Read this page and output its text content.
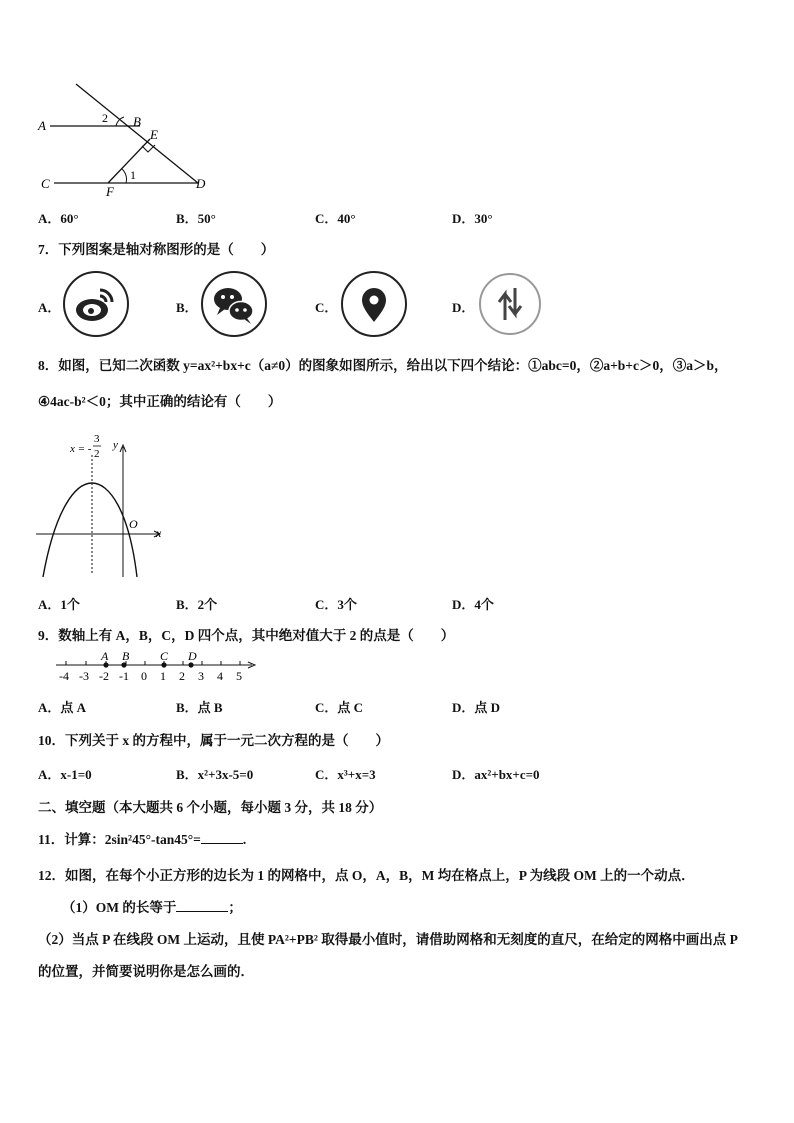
A	2 B
E
C
1
F
D
A．60°	B．50°	C．40°	D．30°
7．下列图案是轴对称图形的是（　　）
A．	B．	C．	D．
8．如图，已知二次函数 y=ax²+bx+c（a≠0）的图象如图所示，给出以下四个结论：①abc=0，②a+b+c＞0，③a＞b，
④4ac-b²＜0；其中正确的结论有（　　）
x = -
3
2
y
O
x
A．1个	B．2个	C．3个	D．4个
9．数轴上有 A，B，C，D 四个点，其中绝对值大于 2 的点是（　　）
-4 -3 -2 -1 0 1 2 3 4 5
A B	C D
A．点 A	B．点 B	C．点 C	D．点 D
10．下列关于 x 的方程中，属于一元二次方程的是（　　）
A．x-1=0	B．x²+3x-5=0	C．x³+x=3	D．ax²+bx+c=0
二、填空题（本大题共 6 个小题，每小题 3 分，共 18 分）
11．计算：2sin²45°-tan45°=	.
12．如图，在每个小正方形的边长为 1 的网格中，点 O，A，B，M 均在格点上，P 为线段 OM 上的一个动点．
（1）OM 的长等于	；
（2）当点 P 在线段 OM 上运动，且使 PA²+PB² 取得最小值时，请借助网格和无刻度的直尺，在给定的网格中画出点 P
的位置，并简要说明你是怎么画的．
